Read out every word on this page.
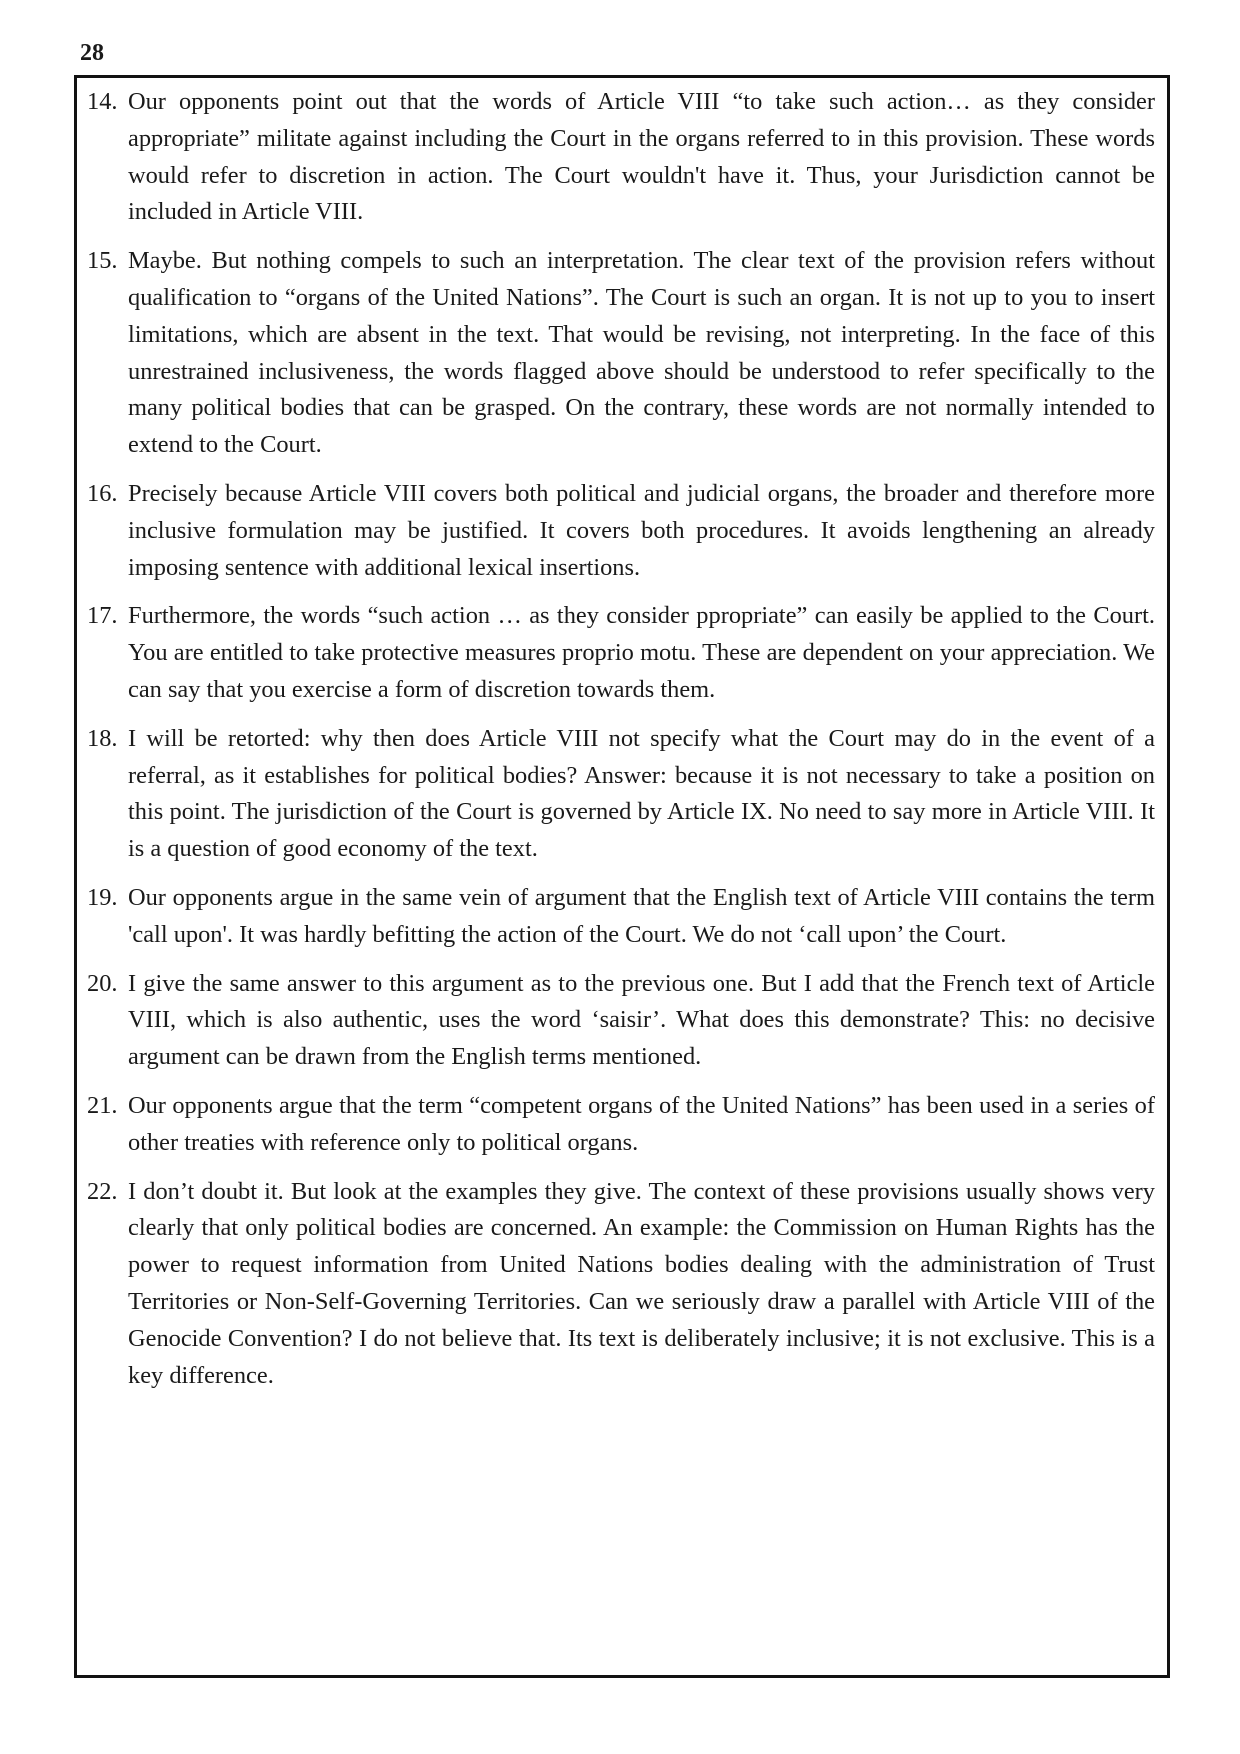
28
14. Our opponents point out that the words of Article VIII “to take such action… as they consider appropriate” militate against including the Court in the organs referred to in this provision. These words would refer to discretion in action. The Court wouldn't have it. Thus, your Jurisdiction cannot be included in Article VIII.
15. Maybe. But nothing compels to such an interpretation. The clear text of the provision refers without qualification to “organs of the United Nations”. The Court is such an organ. It is not up to you to insert limitations, which are absent in the text. That would be revising, not interpreting. In the face of this unrestrained inclusiveness, the words flagged above should be understood to refer specifically to the many political bodies that can be grasped. On the contrary, these words are not normally intended to extend to the Court.
16. Precisely because Article VIII covers both political and judicial organs, the broader and therefore more inclusive formulation may be justified. It covers both procedures. It avoids lengthening an already imposing sentence with additional lexical insertions.
17. Furthermore, the words “such action … as they consider ppropriate” can easily be applied to the Court. You are entitled to take protective measures proprio motu. These are dependent on your appreciation. We can say that you exercise a form of discretion towards them.
18. I will be retorted: why then does Article VIII not specify what the Court may do in the event of a referral, as it establishes for political bodies? Answer: because it is not necessary to take a position on this point. The jurisdiction of the Court is governed by Article IX. No need to say more in Article VIII. It is a question of good economy of the text.
19. Our opponents argue in the same vein of argument that the English text of Article VIII contains the term 'call upon'. It was hardly befitting the action of the Court. We do not ‘call upon’ the Court.
20. I give the same answer to this argument as to the previous one. But I add that the French text of Article VIII, which is also authentic, uses the word ‘saisir’. What does this demonstrate? This: no decisive argument can be drawn from the English terms mentioned.
21. Our opponents argue that the term “competent organs of the United Nations” has been used in a series of other treaties with reference only to political organs.
22. I don’t doubt it. But look at the examples they give. The context of these provisions usually shows very clearly that only political bodies are concerned. An example: the Commission on Human Rights has the power to request information from United Nations bodies dealing with the administration of Trust Territories or Non-Self-Governing Territories. Can we seriously draw a parallel with Article VIII of the Genocide Convention? I do not believe that. Its text is deliberately inclusive; it is not exclusive. This is a key difference.
